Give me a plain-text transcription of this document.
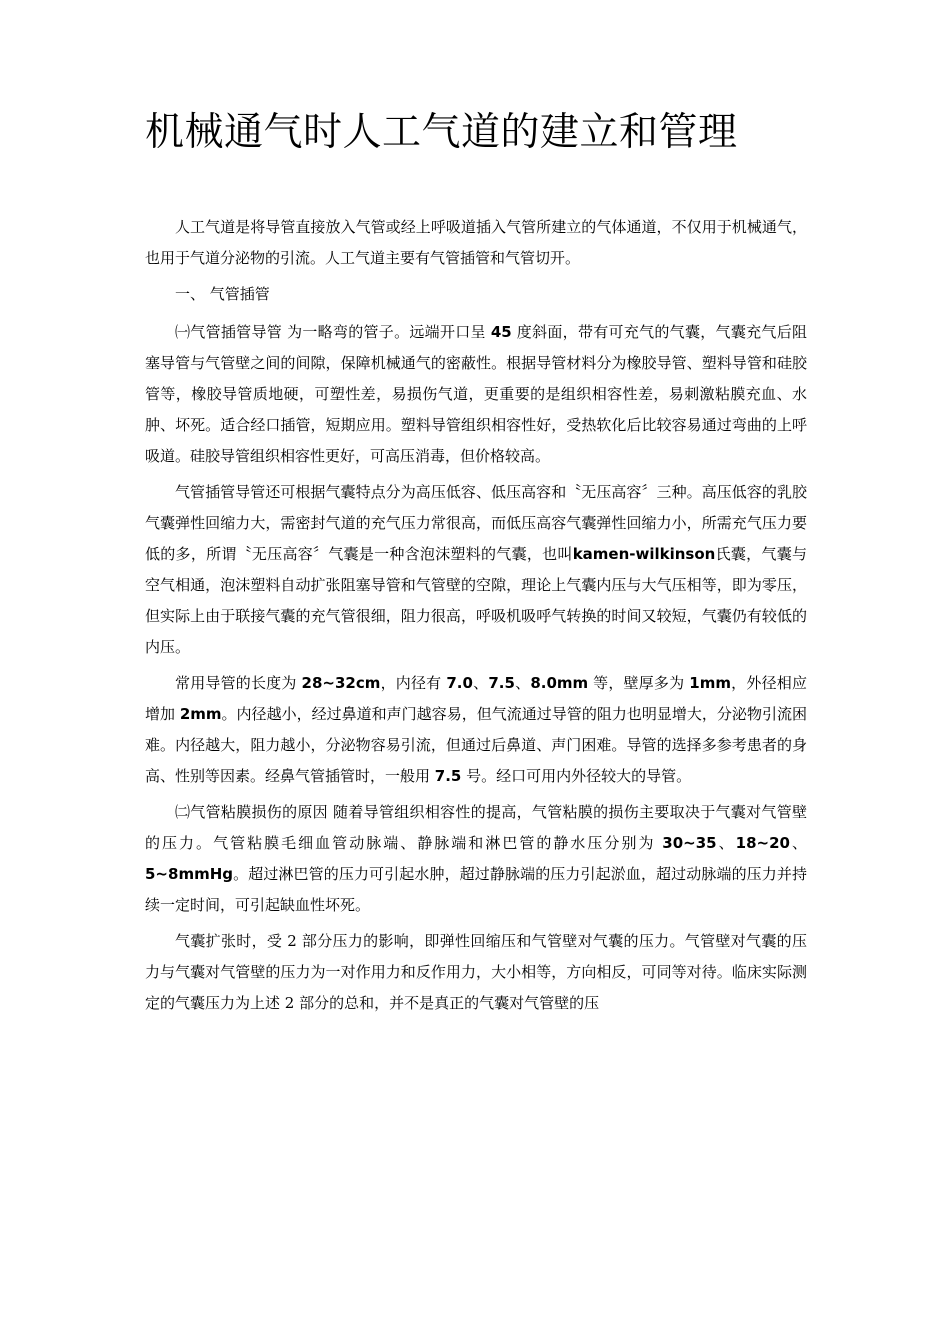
机械通气时人工气道的建立和管理

人工气道是将导管直接放入气管或经上呼吸道插入气管所建立的气体通道，不仅用于机械通气，也用于气道分泌物的引流。人工气道主要有气管插管和气管切开。

一、 气管插管

㈠气管插管导管 为一略弯的管子。远端开口呈 45 度斜面，带有可充气的气囊，气囊充气后阻塞导管与气管壁之间的间隙，保障机械通气的密蔽性。根据导管材料分为橡胶导管、塑料导管和硅胶管等，橡胶导管质地硬，可塑性差，易损伤气道，更重要的是组织相容性差，易刺激粘膜充血、水肿、坏死。适合经口插管，短期应用。塑料导管组织相容性好，受热软化后比较容易通过弯曲的上呼吸道。硅胶导管组织相容性更好，可高压消毒，但价格较高。

气管插管导管还可根据气囊特点分为高压低容、低压高容和〝无压高容〞三种。高压低容的乳胶气囊弹性回缩力大，需密封气道的充气压力常很高，而低压高容气囊弹性回缩力小，所需充气压力要低的多，所谓〝无压高容〞气囊是一种含泡沫塑料的气囊，也叫kamen-wilkinson氏囊，气囊与空气相通，泡沫塑料自动扩张阻塞导管和气管壁的空隙，理论上气囊内压与大气压相等，即为零压，但实际上由于联接气囊的充气管很细，阻力很高，呼吸机吸呼气转换的时间又较短，气囊仍有较低的内压。

常用导管的长度为 28~32cm，内径有 7.0、7.5、8.0mm 等，壁厚多为 1mm，外径相应增加 2mm。内径越小，经过鼻道和声门越容易，但气流通过导管的阻力也明显增大，分泌物引流困难。内径越大，阻力越小，分泌物容易引流，但通过后鼻道、声门困难。导管的选择多参考患者的身高、性别等因素。经鼻气管插管时，一般用 7.5 号。经口可用内外径较大的导管。

㈡气管粘膜损伤的原因 随着导管组织相容性的提高，气管粘膜的损伤主要取决于气囊对气管壁的压力。气管粘膜毛细血管动脉端、静脉端和淋巴管的静水压分别为 30~35、18~20、5~8mmHg。超过淋巴管的压力可引起水肿，超过静脉端的压力引起淤血，超过动脉端的压力并持续一定时间，可引起缺血性坏死。

气囊扩张时，受 2 部分压力的影响，即弹性回缩压和气管壁对气囊的压力。气管壁对气囊的压力与气囊对气管壁的压力为一对作用力和反作用力，大小相等，方向相反，可同等对待。临床实际测定的气囊压力为上述 2 部分的总和，并不是真正的气囊对气管壁的压
